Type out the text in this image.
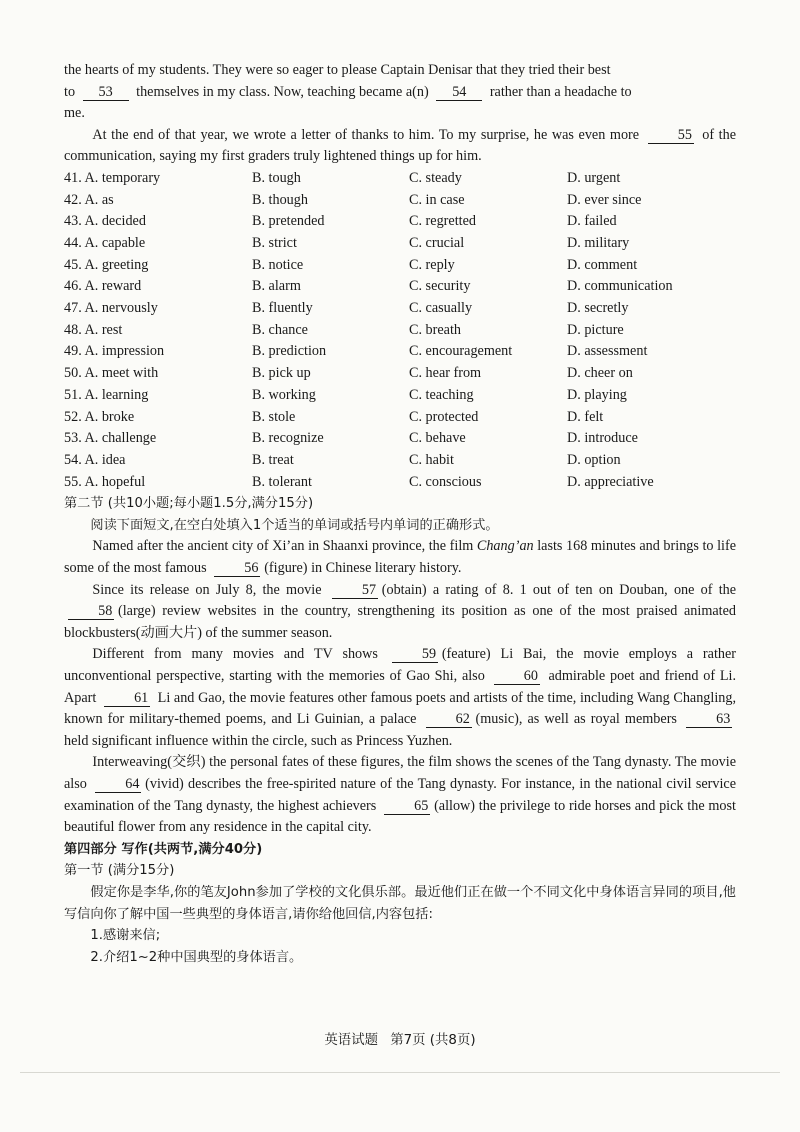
the hearts of my students. They were so eager to please Captain Denisar that they tried their best

to 53 themselves in my class. Now, teaching became a(n) 54 rather than a headache to

me.

At the end of that year, we wrote a letter of thanks to him. To my surprise, he was even more	55 of the communication, saying my first graders truly lightened things up for him.

41. A. temporary	B. tough	C. steady	D. urgent
42. A. as	B. though	C. in case	D. ever since
43. A. decided	B. pretended	C. regretted	D. failed
44. A. capable	B. strict	C. crucial	D. military
45. A. greeting	B. notice	C. reply	D. comment
46. A. reward	B. alarm	C. security	D. communication
47. A. nervously	B. fluently	C. casually	D. secretly
48. A. rest	B. chance	C. breath	D. picture
49. A. impression	B. prediction	C. encouragement	D. assessment
50. A. meet with	B. pick up	C. hear from	D. cheer on
51. A. learning	B. working	C. teaching	D. playing
52. A. broke	B. stole	C. protected	D. felt
53. A. challenge	B. recognize	C. behave	D. introduce
54. A. idea	B. treat	C. habit	D. option
55. A. hopeful	B. tolerant	C. conscious	D. appreciative

第二节 (共10小题;每小题1.5分,满分15分)

阅读下面短文,在空白处填入1个适当的单词或括号内单词的正确形式。

Named after the ancient city of Xi’an in Shaanxi province, the film Chang’an lasts 168 minutes and brings to life some of the most famous	56 (figure) in Chinese literary history.

Since its release on July 8, the movie	57 (obtain) a rating of 8. 1 out of ten on Douban, one of the 58 (large) review websites in the country, strengthening its position as one of the most praised animated blockbusters(动画大片) of the summer season.

Different from many movies and TV shows	59 (feature) Li Bai, the movie employs a rather unconventional perspective, starting with the memories of Gao Shi, also	60 admirable poet and friend of Li. Apart	61 Li and Gao, the movie features other famous poets and artists of the time, including Wang Changling, known for military-themed poems, and Li Guinian, a palace	62 (music), as well as royal members	63 held significant influence within the circle, such as Princess Yuzhen.

Interweaving(交织) the personal fates of these figures, the film shows the scenes of the Tang dynasty. The movie also	64 (vivid) describes the free-spirited nature of the Tang dynasty. For instance, in the national civil service examination of the Tang dynasty, the highest achievers	65 (allow) the privilege to ride horses and pick the most beautiful flower from any residence in the capital city.

第四部分 写作(共两节,满分40分)

第一节 (满分15分)

假定你是李华,你的笔友John参加了学校的文化俱乐部。最近他们正在做一个不同文化中身体语言异同的项目,他写信向你了解中国一些典型的身体语言,请你给他回信,内容包括:

1.感谢来信;

2.介绍1~2种中国典型的身体语言。

英语试题 第7页 (共8页)
